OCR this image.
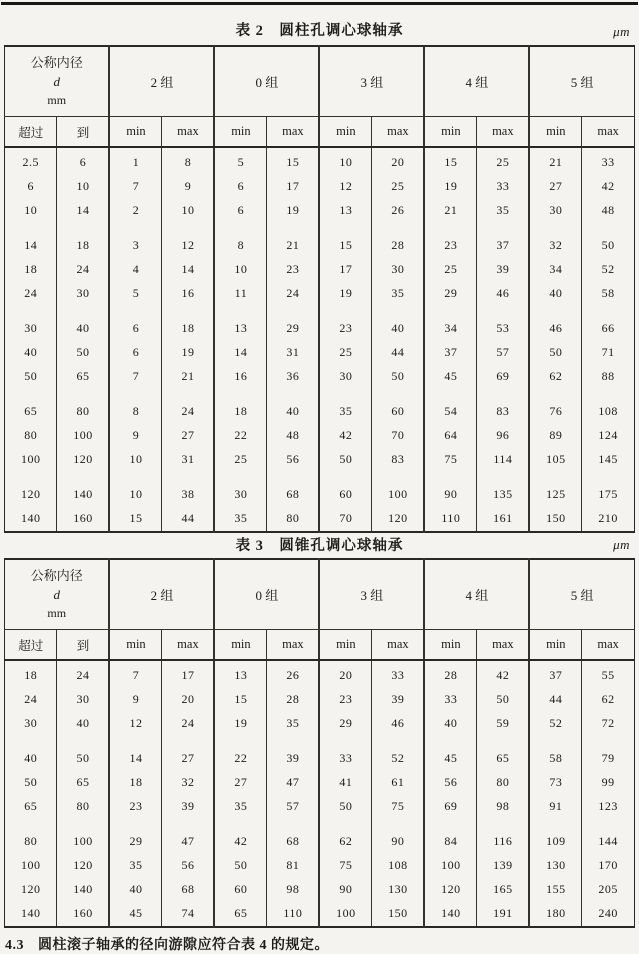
表 2　圆柱孔调心球轴承	μm
公称内径
d
mm		2 组		0 组		3 组		4 组		5 组	
超过	到	min	max	min	max	min	max	min	max	min	max
2.5	6	1	8	5	15	10	20	15	25	21	33
6	10	7	9	6	17	12	25	19	33	27	42
10	14	2	10	6	19	13	26	21	35	30	48
14	18	3	12	8	21	15	28	23	37	32	50
18	24	4	14	10	23	17	30	25	39	34	52
24	30	5	16	11	24	19	35	29	46	40	58
30	40	6	18	13	29	23	40	34	53	46	66
40	50	6	19	14	31	25	44	37	57	50	71
50	65	7	21	16	36	30	50	45	69	62	88
65	80	8	24	18	40	35	60	54	83	76	108
80	100	9	27	22	48	42	70	64	96	89	124
100	120	10	31	25	56	50	83	75	114	105	145
120	140	10	38	30	68	60	100	90	135	125	175
140	160	15	44	35	80	70	120	110	161	150	210
表 3　圆锥孔调心球轴承	μm
公称内径
d
mm		2 组		0 组		3 组		4 组		5 组	
超过	到	min	max	min	max	min	max	min	max	min	max
18	24	7	17	13	26	20	33	28	42	37	55
24	30	9	20	15	28	23	39	33	50	44	62
30	40	12	24	19	35	29	46	40	59	52	72
40	50	14	27	22	39	33	52	45	65	58	79
50	65	18	32	27	47	41	61	56	80	73	99
65	80	23	39	35	57	50	75	69	98	91	123
80	100	29	47	42	68	62	90	84	116	109	144
100	120	35	56	50	81	75	108	100	139	130	170
120	140	40	68	60	98	90	130	120	165	155	205
140	160	45	74	65	110	100	150	140	191	180	240
4.3 圆柱滚子轴承的径向游隙应符合表 4 的规定。
